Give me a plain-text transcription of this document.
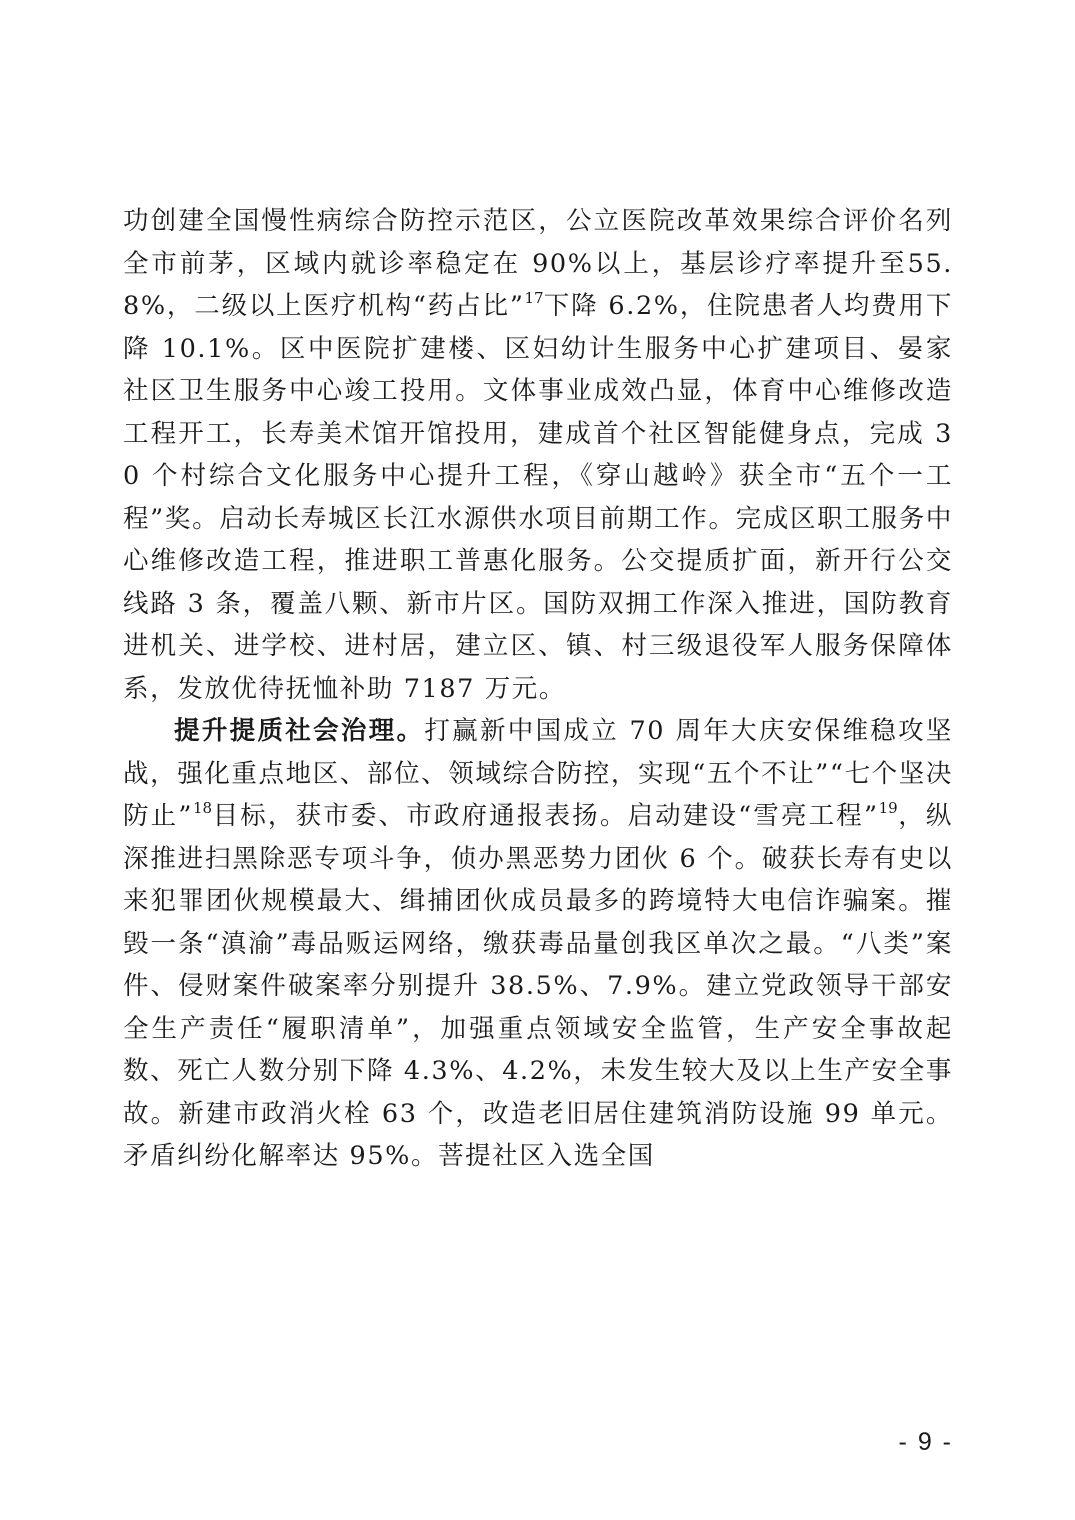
功创建全国慢性病综合防控示范区，公立医院改革效果综合评价名列全市前茅，区域内就诊率稳定在 90%以上，基层诊疗率提升至55.8%，二级以上医疗机构“药占比”$^{17}$下降 6.2%，住院患者人均费用下降 10.1%。区中医院扩建楼、区妇幼计生服务中心扩建项目、晏家社区卫生服务中心竣工投用。文体事业成效凸显，体育中心维修改造工程开工，长寿美术馆开馆投用，建成首个社区智能健身点，完成 30 个村综合文化服务中心提升工程，《穿山越岭》获全市“五个一工程”奖。启动长寿城区长江水源供水项目前期工作。完成区职工服务中心维修改造工程，推进职工普惠化服务。公交提质扩面，新开行公交线路 3 条，覆盖八颗、新市片区。国防双拥工作深入推进，国防教育进机关、进学校、进村居，建立区、镇、村三级退役军人服务保障体系，发放优待抚恤补助 7187 万元。

提升提质社会治理。打赢新中国成立 70 周年大庆安保维稳攻坚战，强化重点地区、部位、领域综合防控，实现“五个不让”“七个坚决防止”$^{18}$目标，获市委、市政府通报表扬。启动建设“雪亮工程”$^{19}$，纵深推进扫黑除恶专项斗争，侦办黑恶势力团伙 6 个。破获长寿有史以来犯罪团伙规模最大、缉捕团伙成员最多的跨境特大电信诈骗案。摧毁一条“滇渝”毒品贩运网络，缴获毒品量创我区单次之最。“八类”案件、侵财案件破案率分别提升 38.5%、7.9%。建立党政领导干部安全生产责任“履职清单”，加强重点领域安全监管，生产安全事故起数、死亡人数分别下降 4.3%、4.2%，未发生较大及以上生产安全事故。新建市政消火栓 63 个，改造老旧居住建筑消防设施 99 单元。矛盾纠纷化解率达 95%。菩提社区入选全国

- 9 -
